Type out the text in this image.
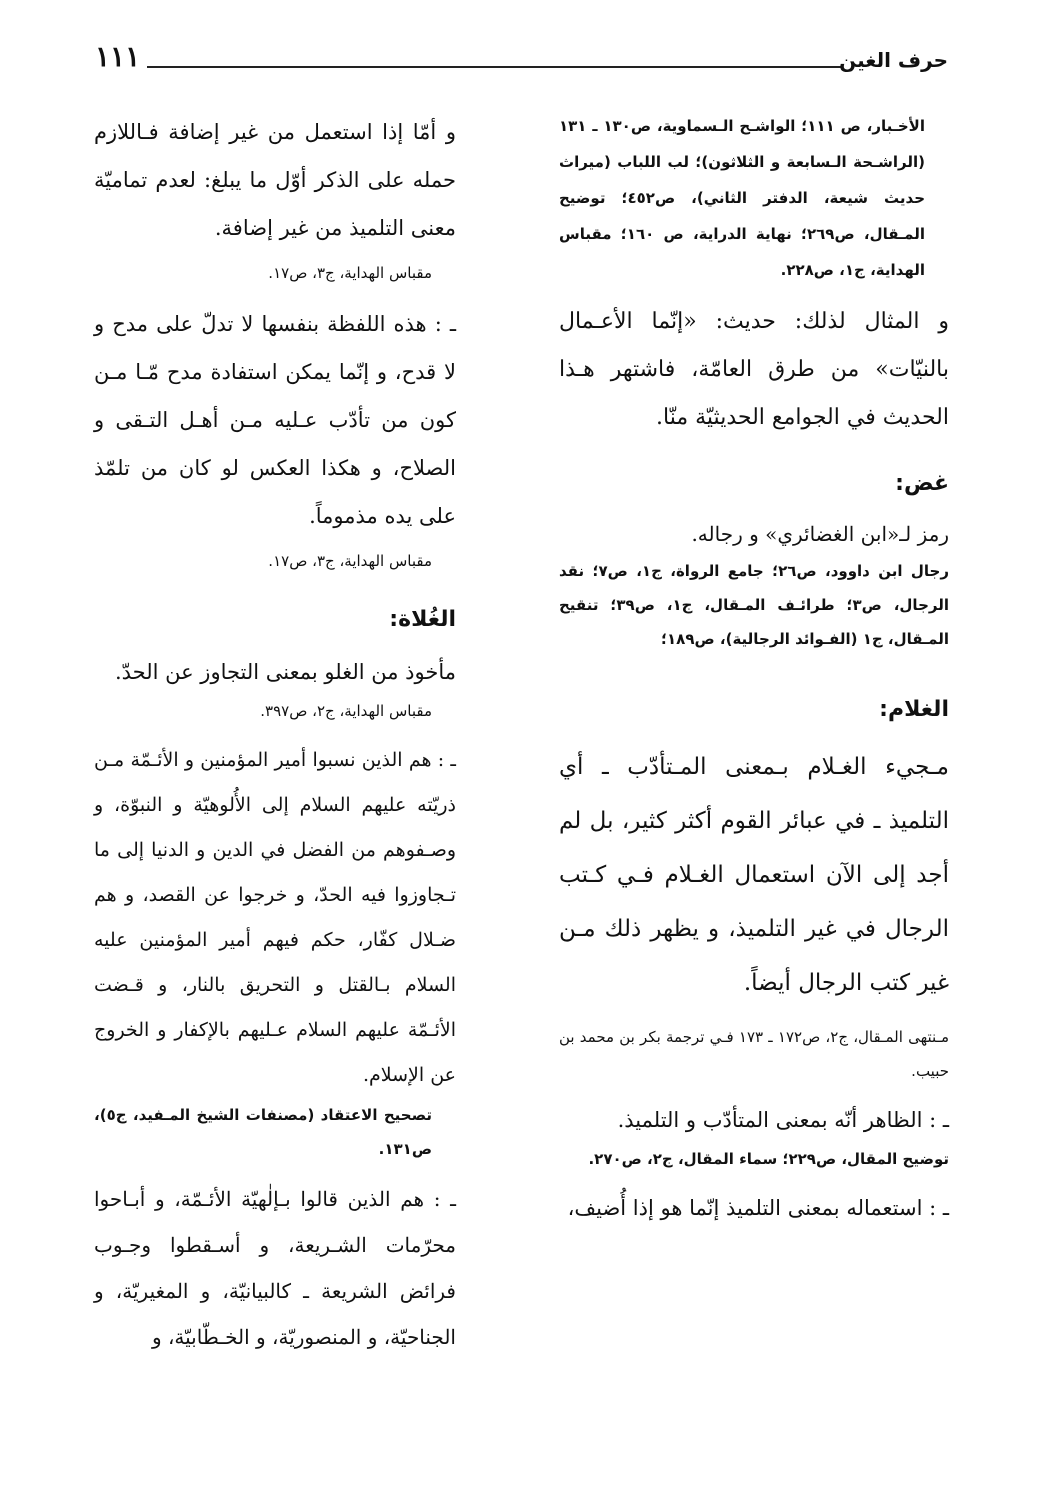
١١١	حرف الغين

الأخـبار، ص ١١١؛ الواشـح الـسماوية، ص١٣٠ ـ ١٣١ (الراشـحة الـسابعة و الثلاثون)؛ لب اللباب (ميراث حديث شيعة، الدفتر الثاني)، ص٤٥٢؛ توضيح المـقال، ص٢٦٩؛ نهاية الدراية، ص ١٦٠؛ مقباس الهداية، ج١، ص٢٢٨.

و المثال لذلك: حديث: «إنّما الأعـمال بالنيّات» من طرق العامّة، فاشتهر هـذا الحديث في الجوامع الحديثيّة منّا.

غض:

رمز لـ«ابن الغضائري» و رجاله.

رجال ابن داوود، ص٢٦؛ جامع الرواة، ج١، ص٧؛ نقد الرجال، ص٣؛ طرائـف المـقال، ج١، ص٣٩؛ تنقيح المـقال، ج١ (الفـوائد الرجالية)، ص١٨٩؛

الغلام:

مـجيء الغـلام بـمعنى المـتأدّب ـ أي التلميذ ـ في عبائر القوم أكثر كثير، بل لم أجد إلى الآن استعمال الغـلام فـي كـتب الرجال في غير التلميذ، و يظهر ذلك مـن غير كتب الرجال أيضاً.

مـنتهى المـقال، ج٢، ص١٧٢ ـ ١٧٣ فـي ترجمة بكر بن محمد بن حبيب.

ـ : الظاهر أنّه بمعنى المتأدّب و التلميذ.

توضيح المقال، ص٢٢٩؛ سماء المقال، ج٢، ص٢٧٠.

ـ : استعماله بمعنى التلميذ إنّما هو إذا أُضيف،

و أمّا إذا استعمل من غير إضافة فـاللازم حمله على الذكر أوّل ما يبلغ: لعدم تماميّة معنى التلميذ من غير إضافة.

مقباس الهداية، ج٣، ص١٧.

ـ : هذه اللفظة بنفسها لا تدلّ على مدح و لا قدح، و إنّما يمكن استفادة مدح مّـا مـن كون من تأدّب عـليه مـن أهـل التـقى و الصلاح، و هكذا العكس لو كان من تلمّذ على يده مذموماً.

مقباس الهداية، ج٣، ص١٧.

الغُلاة:

مأخوذ من الغلو بمعنى التجاوز عن الحدّ.

مقباس الهداية، ج٢، ص٣٩٧.

ـ : هم الذين نسبوا أمير المؤمنين و الأئـمّة مـن ذريّته عليهم السلام إلى الأُلوهيّة و النبوّة، و وصـفوهم من الفضل في الدين و الدنيا إلى ما تـجاوزوا فيه الحدّ، و خرجوا عن القصد، و هم ضـلال كفّار، حكم فيهم أمير المؤمنين عليه السلام بـالقتل و التحريق بالنار، و قـضت الأئـمّة عليهم السلام عـليهم بالإكفار و الخروج عن الإسلام.

تصحيح الاعتقاد (مصنفات الشيخ المـفيد، ج٥)، ص١٣١.

ـ : هم الذين قالوا بـإلٰهيّة الأئـمّة، و أبـاحوا محرّمات الشـريعة، و أسـقطوا وجـوب فرائض الشريعة ـ كالبيانيّة، و المغيريّة، و الجناحيّة، و المنصوريّة، و الخـطّابيّة، و
